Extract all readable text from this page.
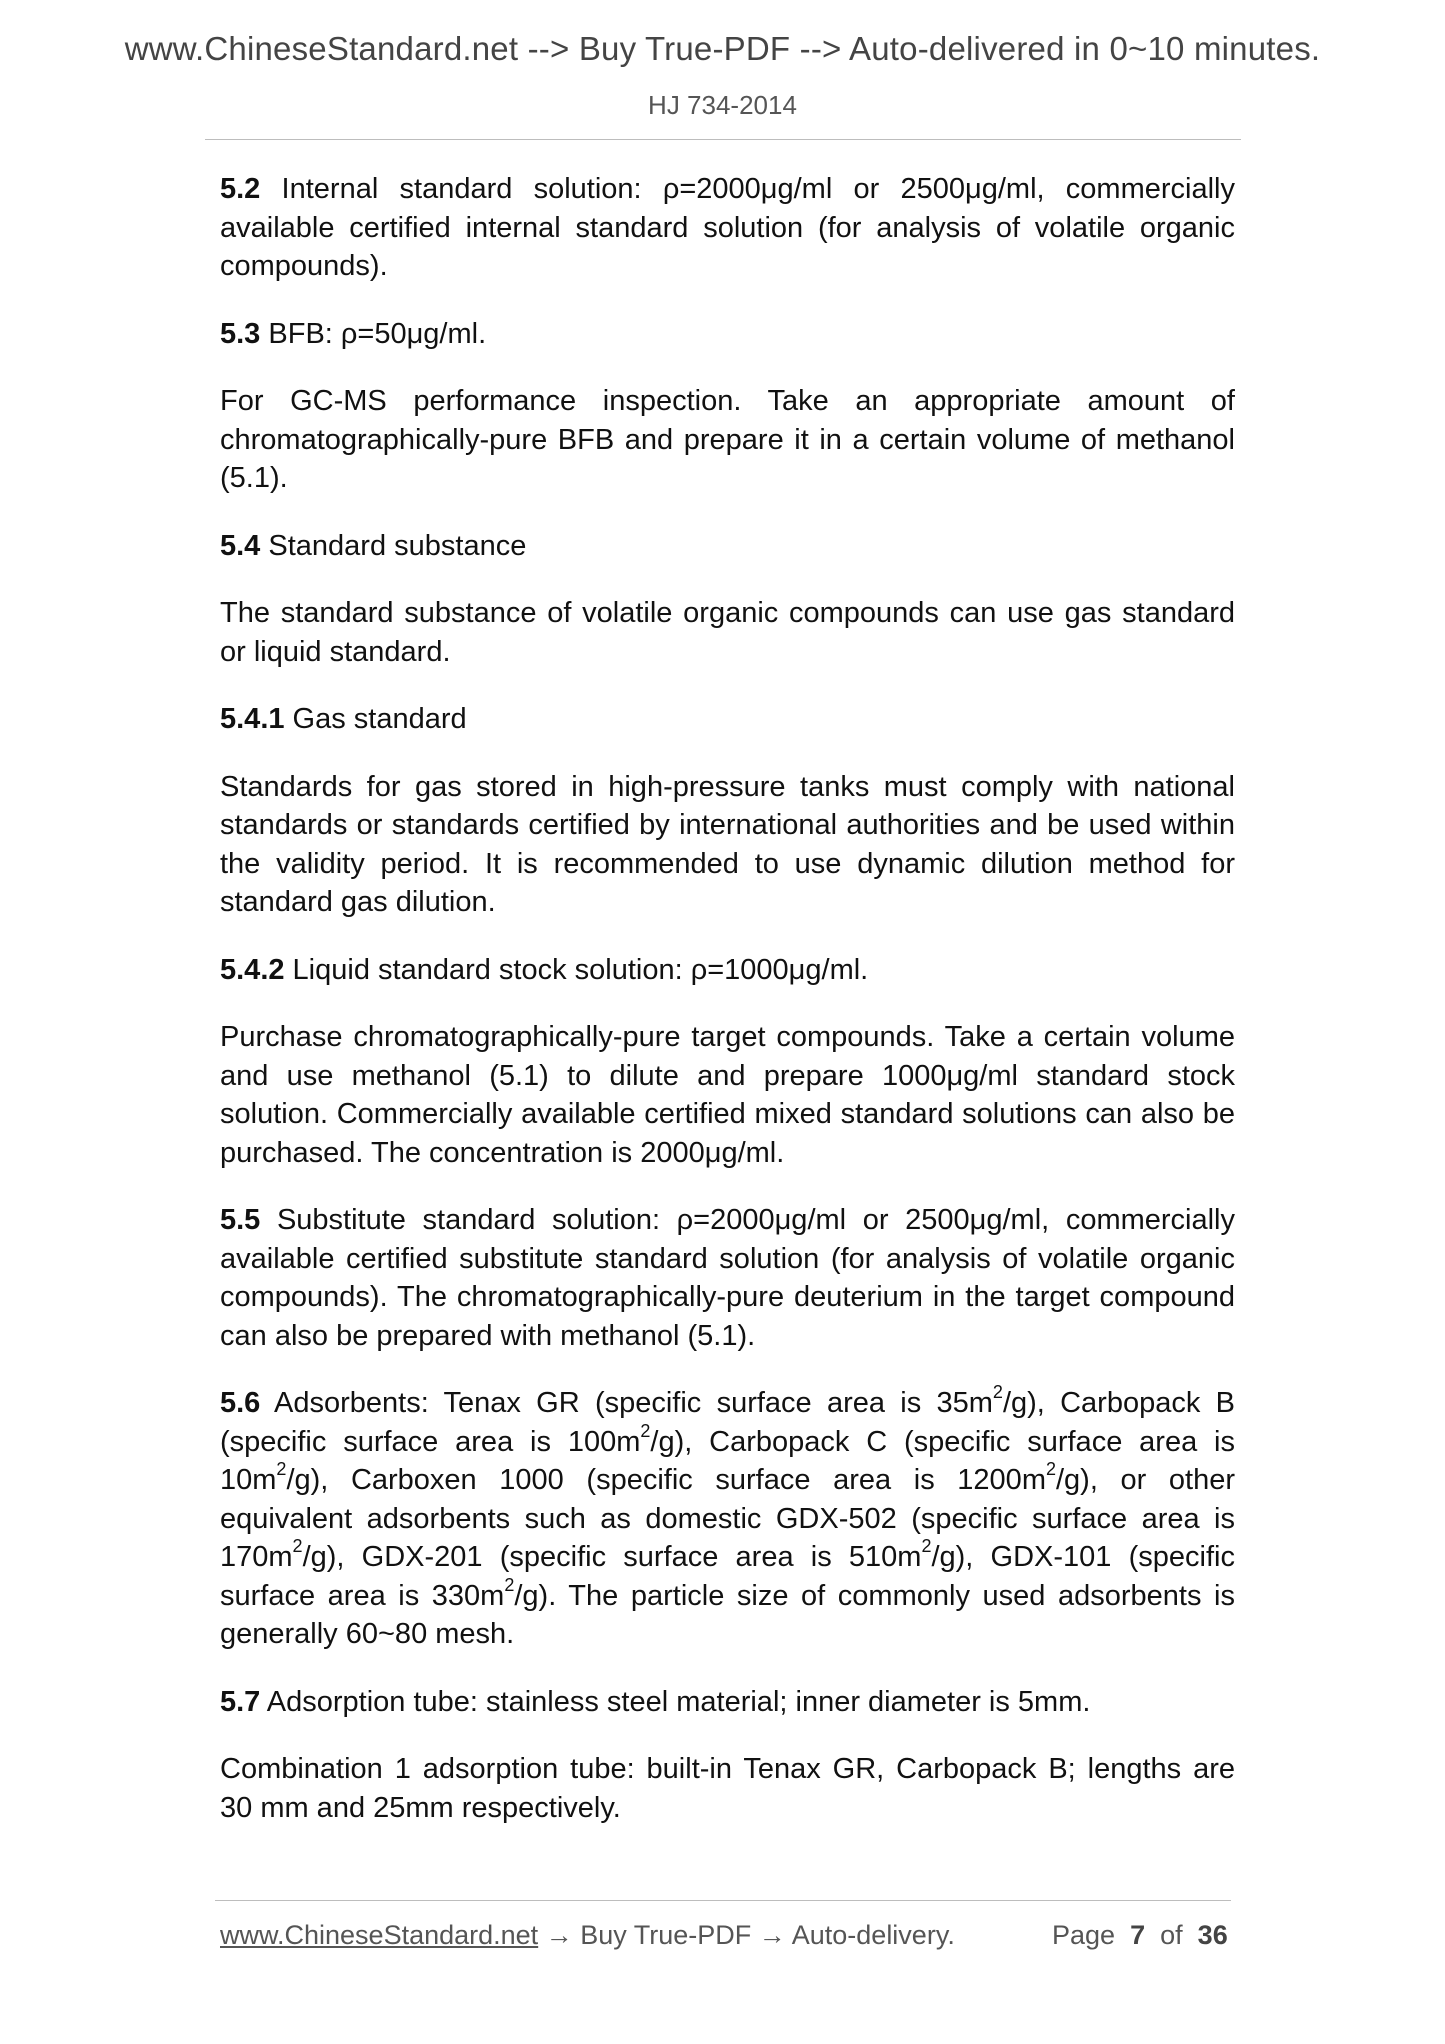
www.ChineseStandard.net --> Buy True-PDF --> Auto-delivered in 0~10 minutes.
HJ 734-2014

5.2 Internal standard solution: ρ=2000μg/ml or 2500μg/ml, commercially available certified internal standard solution (for analysis of volatile organic compounds).

5.3 BFB: ρ=50μg/ml.

For GC-MS performance inspection. Take an appropriate amount of chromatographically-pure BFB and prepare it in a certain volume of methanol (5.1).

5.4 Standard substance

The standard substance of volatile organic compounds can use gas standard or liquid standard.

5.4.1 Gas standard

Standards for gas stored in high-pressure tanks must comply with national standards or standards certified by international authorities and be used within the validity period. It is recommended to use dynamic dilution method for standard gas dilution.

5.4.2 Liquid standard stock solution: ρ=1000μg/ml.

Purchase chromatographically-pure target compounds. Take a certain volume and use methanol (5.1) to dilute and prepare 1000μg/ml standard stock solution. Commercially available certified mixed standard solutions can also be purchased. The concentration is 2000μg/ml.

5.5 Substitute standard solution: ρ=2000μg/ml or 2500μg/ml, commercially available certified substitute standard solution (for analysis of volatile organic compounds). The chromatographically-pure deuterium in the target compound can also be prepared with methanol (5.1).

5.6 Adsorbents: Tenax GR (specific surface area is $35m^2/g$), Carbopack B (specific surface area is $100m^2/g$), Carbopack C (specific surface area is $10m^2/g$), Carboxen 1000 (specific surface area is $1200m^2/g$), or other equivalent adsorbents such as domestic GDX-502 (specific surface area is $170m^2/g$), GDX-201 (specific surface area is $510m^2/g$), GDX-101 (specific surface area is $330m^2/g$). The particle size of commonly used adsorbents is generally 60~80 mesh.

5.7 Adsorption tube: stainless steel material; inner diameter is 5mm.

Combination 1 adsorption tube: built-in Tenax GR, Carbopack B; lengths are 30 mm and 25mm respectively.

www.ChineseStandard.net → Buy True-PDF → Auto-delivery.	Page 7 of 36
